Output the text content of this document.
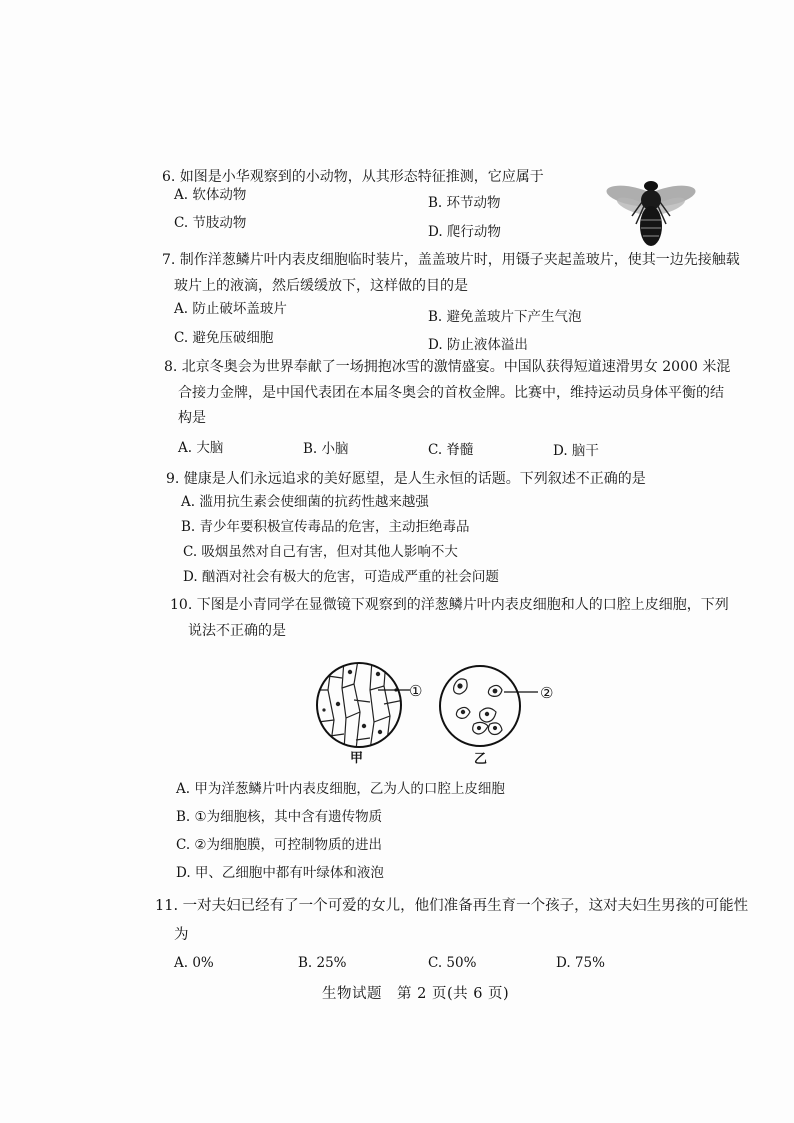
6. 如图是小华观察到的小动物，从其形态特征推测，它应属于
A. 软体动物	B. 环节动物
C. 节肢动物
D. 爬行动物
7. 制作洋葱鳞片叶内表皮细胞临时装片，盖盖玻片时，用镊子夹起盖玻片，使其一边先接触载
玻片上的液滴，然后缓缓放下，这样做的目的是
A. 防止破坏盖玻片	B. 避免盖玻片下产生气泡
C. 避免压破细胞	D. 防止液体溢出
8. 北京冬奥会为世界奉献了一场拥抱冰雪的激情盛宴。中国队获得短道速滑男女 2000 米混
合接力金牌，是中国代表团在本届冬奥会的首枚金牌。比赛中，维持运动员身体平衡的结
构是
A. 大脑	B. 小脑	C. 脊髓	D. 脑干
9. 健康是人们永远追求的美好愿望，是人生永恒的话题。下列叙述不正确的是
A. 滥用抗生素会使细菌的抗药性越来越强
B. 青少年要积极宣传毒品的危害，主动拒绝毒品
C. 吸烟虽然对自己有害，但对其他人影响不大
D. 酗酒对社会有极大的危害，可造成严重的社会问题
10. 下图是小青同学在显微镜下观察到的洋葱鳞片叶内表皮细胞和人的口腔上皮细胞，下列
说法不正确的是
①
甲
②
乙
A. 甲为洋葱鳞片叶内表皮细胞，乙为人的口腔上皮细胞
B. ①为细胞核，其中含有遗传物质
C. ②为细胞膜，可控制物质的进出
D. 甲、乙细胞中都有叶绿体和液泡
11. 一对夫妇已经有了一个可爱的女儿，他们准备再生育一个孩子，这对夫妇生男孩的可能性
为
A. 0%	B. 25%	C. 50%	D. 75%
生物试题　第 2 页(共 6 页)
